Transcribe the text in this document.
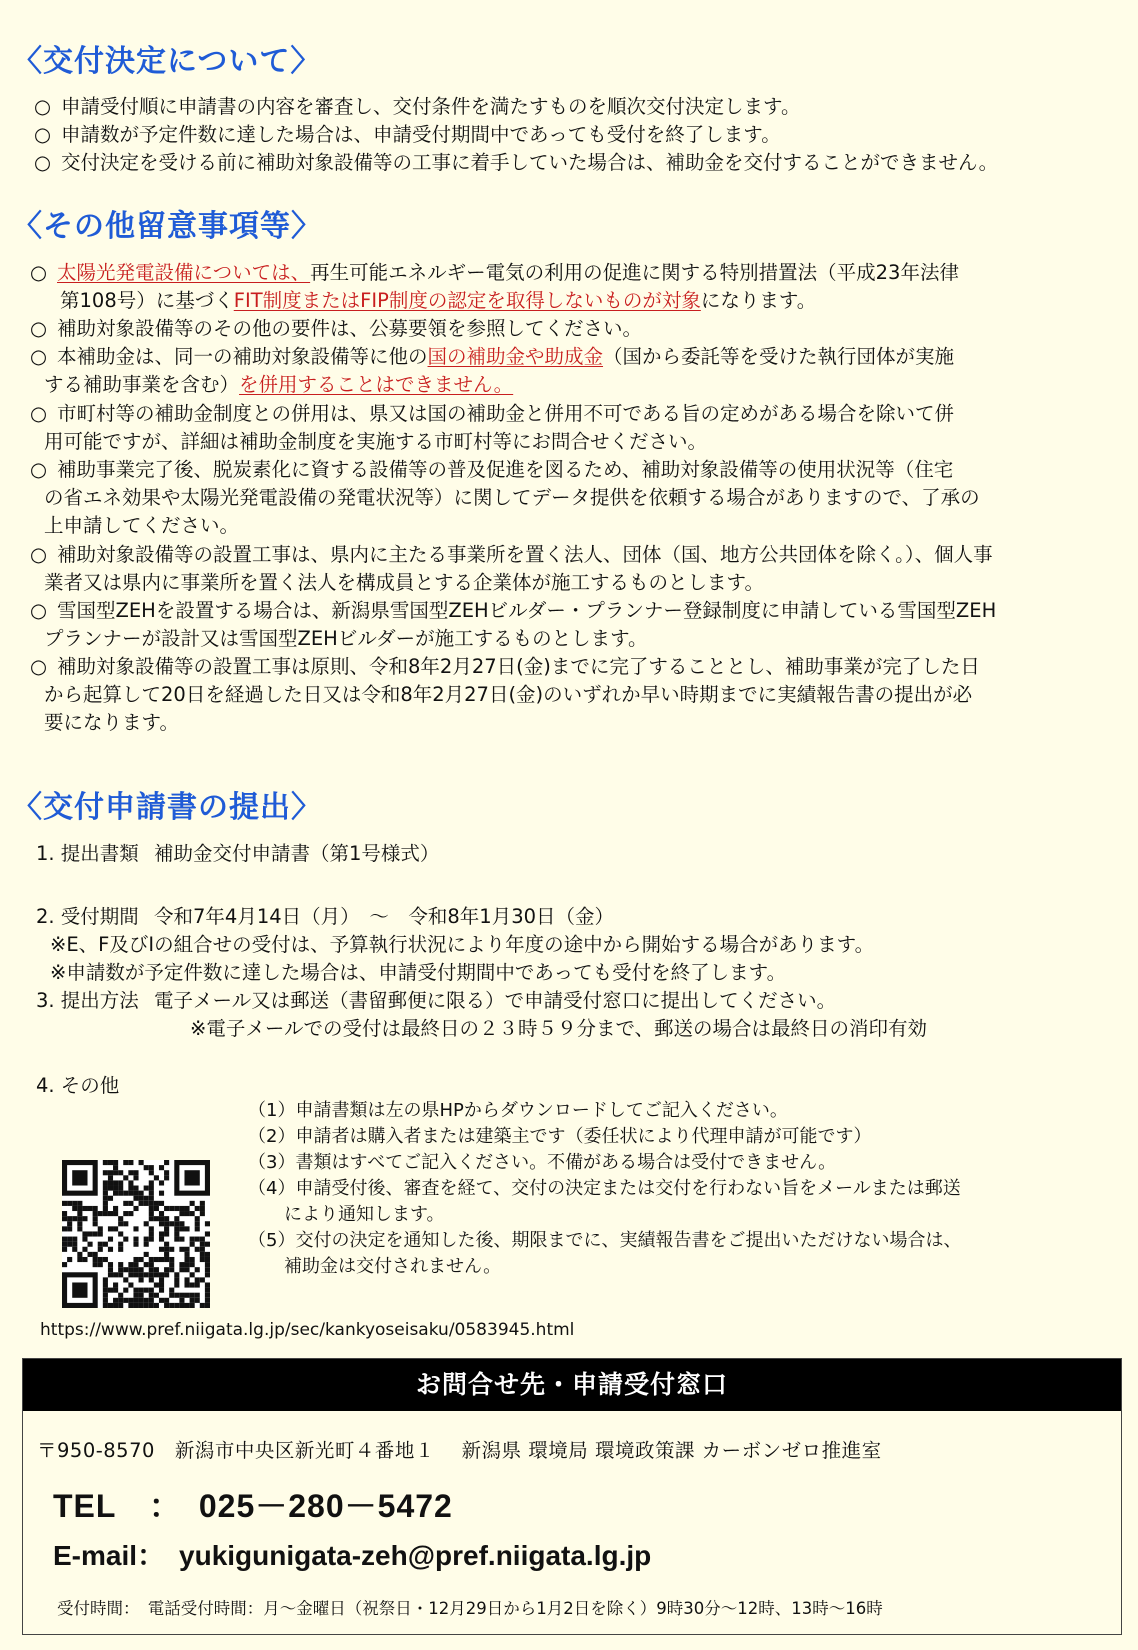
〈交付決定について〉
○ 申請受付順に申請書の内容を審査し、交付条件を満たすものを順次交付決定します。
○ 申請数が予定件数に達した場合は、申請受付期間中であっても受付を終了します。
○ 交付決定を受ける前に補助対象設備等の工事に着手していた場合は、補助金を交付することができません。
〈その他留意事項等〉
○ 太陽光発電設備については、再生可能エネルギー電気の利用の促進に関する特別措置法（平成23年法律
第108号）に基づくFIT制度またはFIP制度の認定を取得しないものが対象になります。
○ 補助対象設備等のその他の要件は、公募要領を参照してください。
○ 本補助金は、同一の補助対象設備等に他の国の補助金や助成金（国から委託等を受けた執行団体が実施
する補助事業を含む）を併用することはできません。
○ 市町村等の補助金制度との併用は、県又は国の補助金と併用不可である旨の定めがある場合を除いて併
用可能ですが、詳細は補助金制度を実施する市町村等にお問合せください。
○ 補助事業完了後、脱炭素化に資する設備等の普及促進を図るため、補助対象設備等の使用状況等（住宅
の省エネ効果や太陽光発電設備の発電状況等）に関してデータ提供を依頼する場合がありますので、了承の
上申請してください。
○ 補助対象設備等の設置工事は、県内に主たる事業所を置く法人、団体（国、地方公共団体を除く。）、個人事
業者又は県内に事業所を置く法人を構成員とする企業体が施工するものとします。
○ 雪国型ZEHを設置する場合は、新潟県雪国型ZEHビルダー・プランナー登録制度に申請している雪国型ZEH
プランナーが設計又は雪国型ZEHビルダーが施工するものとします。
○ 補助対象設備等の設置工事は原則、令和8年2月27日(金)までに完了することとし、補助事業が完了した日
から起算して20日を経過した日又は令和8年2月27日(金)のいずれか早い時期までに実績報告書の提出が必
要になります。
〈交付申請書の提出〉
1. 提出書類 補助金交付申請書（第1号様式）
2. 受付期間 令和7年4月14日（月）　～　令和8年1月30日（金）
※E、F及びIの組合せの受付は、予算執行状況により年度の途中から開始する場合があります。
※申請数が予定件数に達した場合は、申請受付期間中であっても受付を終了します。
3. 提出方法 電子メール又は郵送（書留郵便に限る）で申請受付窓口に提出してください。
※電子メールでの受付は最終日の２３時５９分まで、郵送の場合は最終日の消印有効
4. その他
（1）申請書類は左の県HPからダウンロードしてご記入ください。
（2）申請者は購入者または建築主です（委任状により代理申請が可能です）
（3）書類はすべてご記入ください。不備がある場合は受付できません。
（4）申請受付後、審査を経て、交付の決定または交付を行わない旨をメールまたは郵送
　　により通知します。
（5）交付の決定を通知した後、期限までに、実績報告書をご提出いただけない場合は、
　　補助金は交付されません。
https://www.pref.niigata.lg.jp/sec/kankyoseisaku/0583945.html
お問合せ先・申請受付窓口
〒950-8570　新潟市中央区新光町４番地１　 新潟県 環境局 環境政策課 カーボンゼロ推進室
TEL　：　025－280－5472
E-mail：　yukigunigata-zeh@pref.niigata.lg.jp
受付時間：　電話受付時間：月～金曜日（祝祭日・12月29日から1月2日を除く）9時30分～12時、13時～16時
